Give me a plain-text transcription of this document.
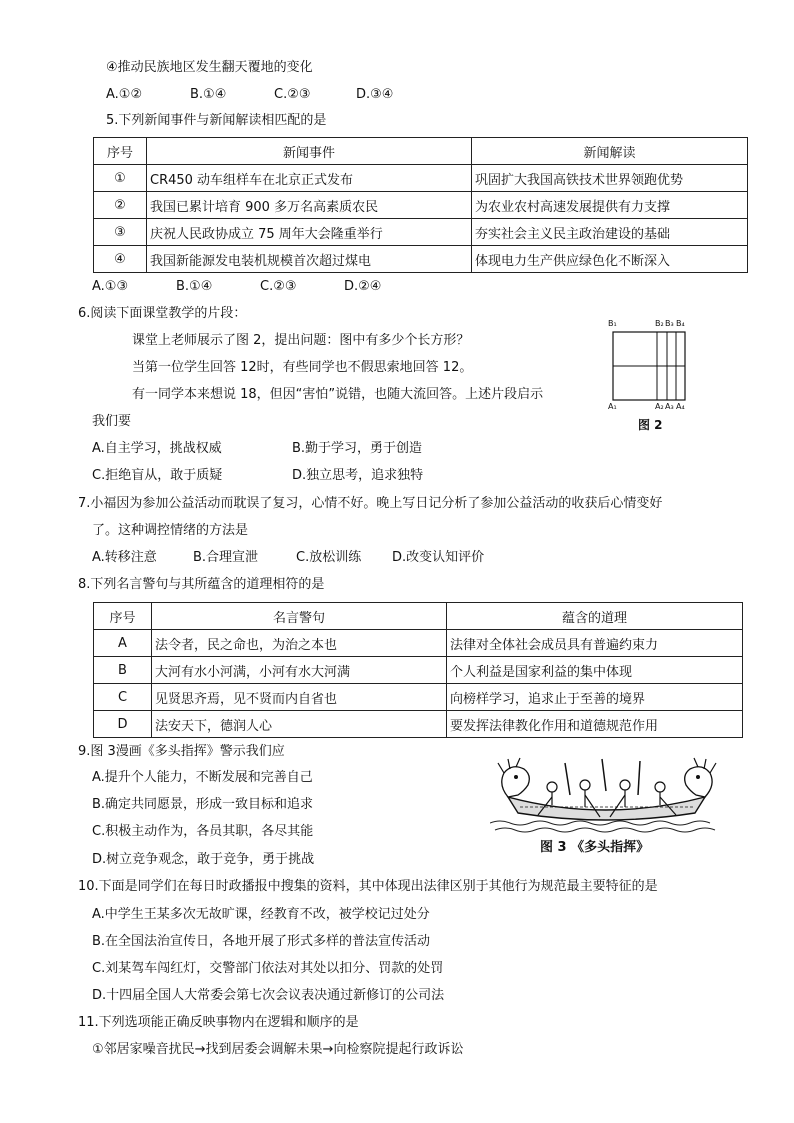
④推动民族地区发生翻天覆地的变化
A.①②	B.①④	C.②③	D.③④
5.下列新闻事件与新闻解读相匹配的是
序号	新闻事件	新闻解读
①	CR450 动车组样车在北京正式发布	巩固扩大我国高铁技术世界领跑优势
②	我国已累计培育 900 多万名高素质农民	为农业农村高速发展提供有力支撑
③	庆祝人民政协成立 75 周年大会隆重举行	夯实社会主义民主政治建设的基础
④	我国新能源发电装机规模首次超过煤电	体现电力生产供应绿色化不断深入
A.①③	B.①④	C.②③	D.②④
6.阅读下面课堂教学的片段：
课堂上老师展示了图 2，提出问题：图中有多少个长方形？
当第一位学生回答 12时，有些同学也不假思索地回答 12。
有一同学本来想说 18，但因“害怕”说错，也随大流回答。上述片段启示
我们要
A.自主学习，挑战权威	B.勤于学习，勇于创造
C.拒绝盲从，敢于质疑	D.独立思考，追求独特
B₁	B₂ B₃ B₄
A₁	A₂ A₃ A₄
图 2
7.小福因为参加公益活动而耽误了复习，心情不好。晚上写日记分析了参加公益活动的收获后心情变好
了。这种调控情绪的方法是
A.转移注意	B.合理宣泄	C.放松训练 D.改变认知评价
8.下列名言警句与其所蕴含的道理相符的是
序号	名言警句	蕴含的道理
A	法令者，民之命也，为治之本也	法律对全体社会成员具有普遍约束力
B	大河有水小河满，小河有水大河满	个人利益是国家利益的集中体现
C	见贤思齐焉，见不贤而内自省也	向榜样学习，追求止于至善的境界
D	法安天下，德润人心	要发挥法律教化作用和道德规范作用
9.图 3漫画《多头指挥》警示我们应
A.提升个人能力，不断发展和完善自己
B.确定共同愿景，形成一致目标和追求
C.积极主动作为，各员其职，各尽其能
D.树立竞争观念，敢于竞争，勇于挑战
图 3 《多头指挥》
10.下面是同学们在每日时政播报中搜集的资料，其中体现出法律区别于其他行为规范最主要特征的是
A.中学生王某多次无故旷课，经教育不改，被学校记过处分
B.在全国法治宣传日，各地开展了形式多样的普法宣传活动
C.刘某驾车闯红灯，交警部门依法对其处以扣分、罚款的处罚
D.十四届全国人大常委会第七次会议表决通过新修订的公司法
11.下列选项能正确反映事物内在逻辑和顺序的是
①邻居家噪音扰民→找到居委会调解未果→向检察院提起行政诉讼
